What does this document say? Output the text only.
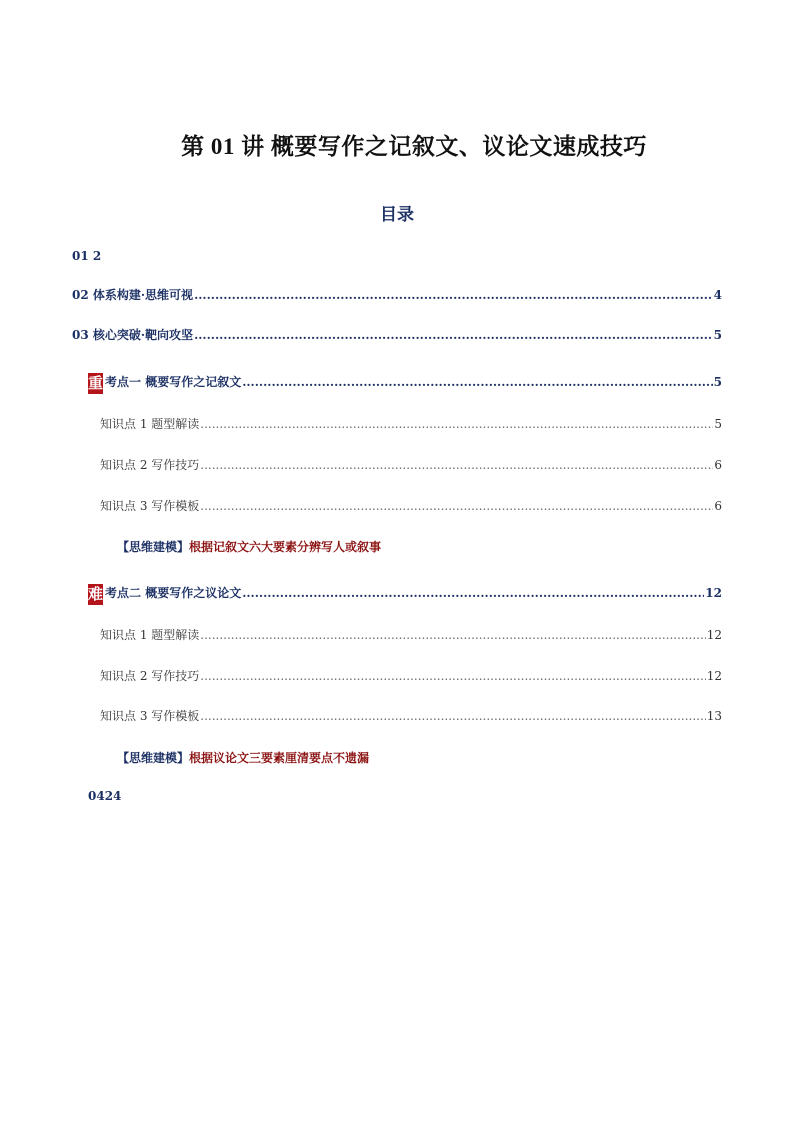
第 01 讲 概要写作之记叙文、议论文速成技巧
目录
01 2
02 体系构建·思维可视 .....	4
03 核心突破·靶向攻坚 .....	5
重 考点一 概要写作之记叙文 .....	5
知识点 1 题型解读 .....	5
知识点 2 写作技巧 .....	6
知识点 3 写作模板 .....	6
【思维建模】根据记叙文六大要素分辨写人或叙事
难 考点二 概要写作之议论文 .....	12
知识点 1 题型解读 .....	12
知识点 2 写作技巧 .....	12
知识点 3 写作模板 .....	13
【思维建模】根据议论文三要素厘清要点不遗漏
0424
